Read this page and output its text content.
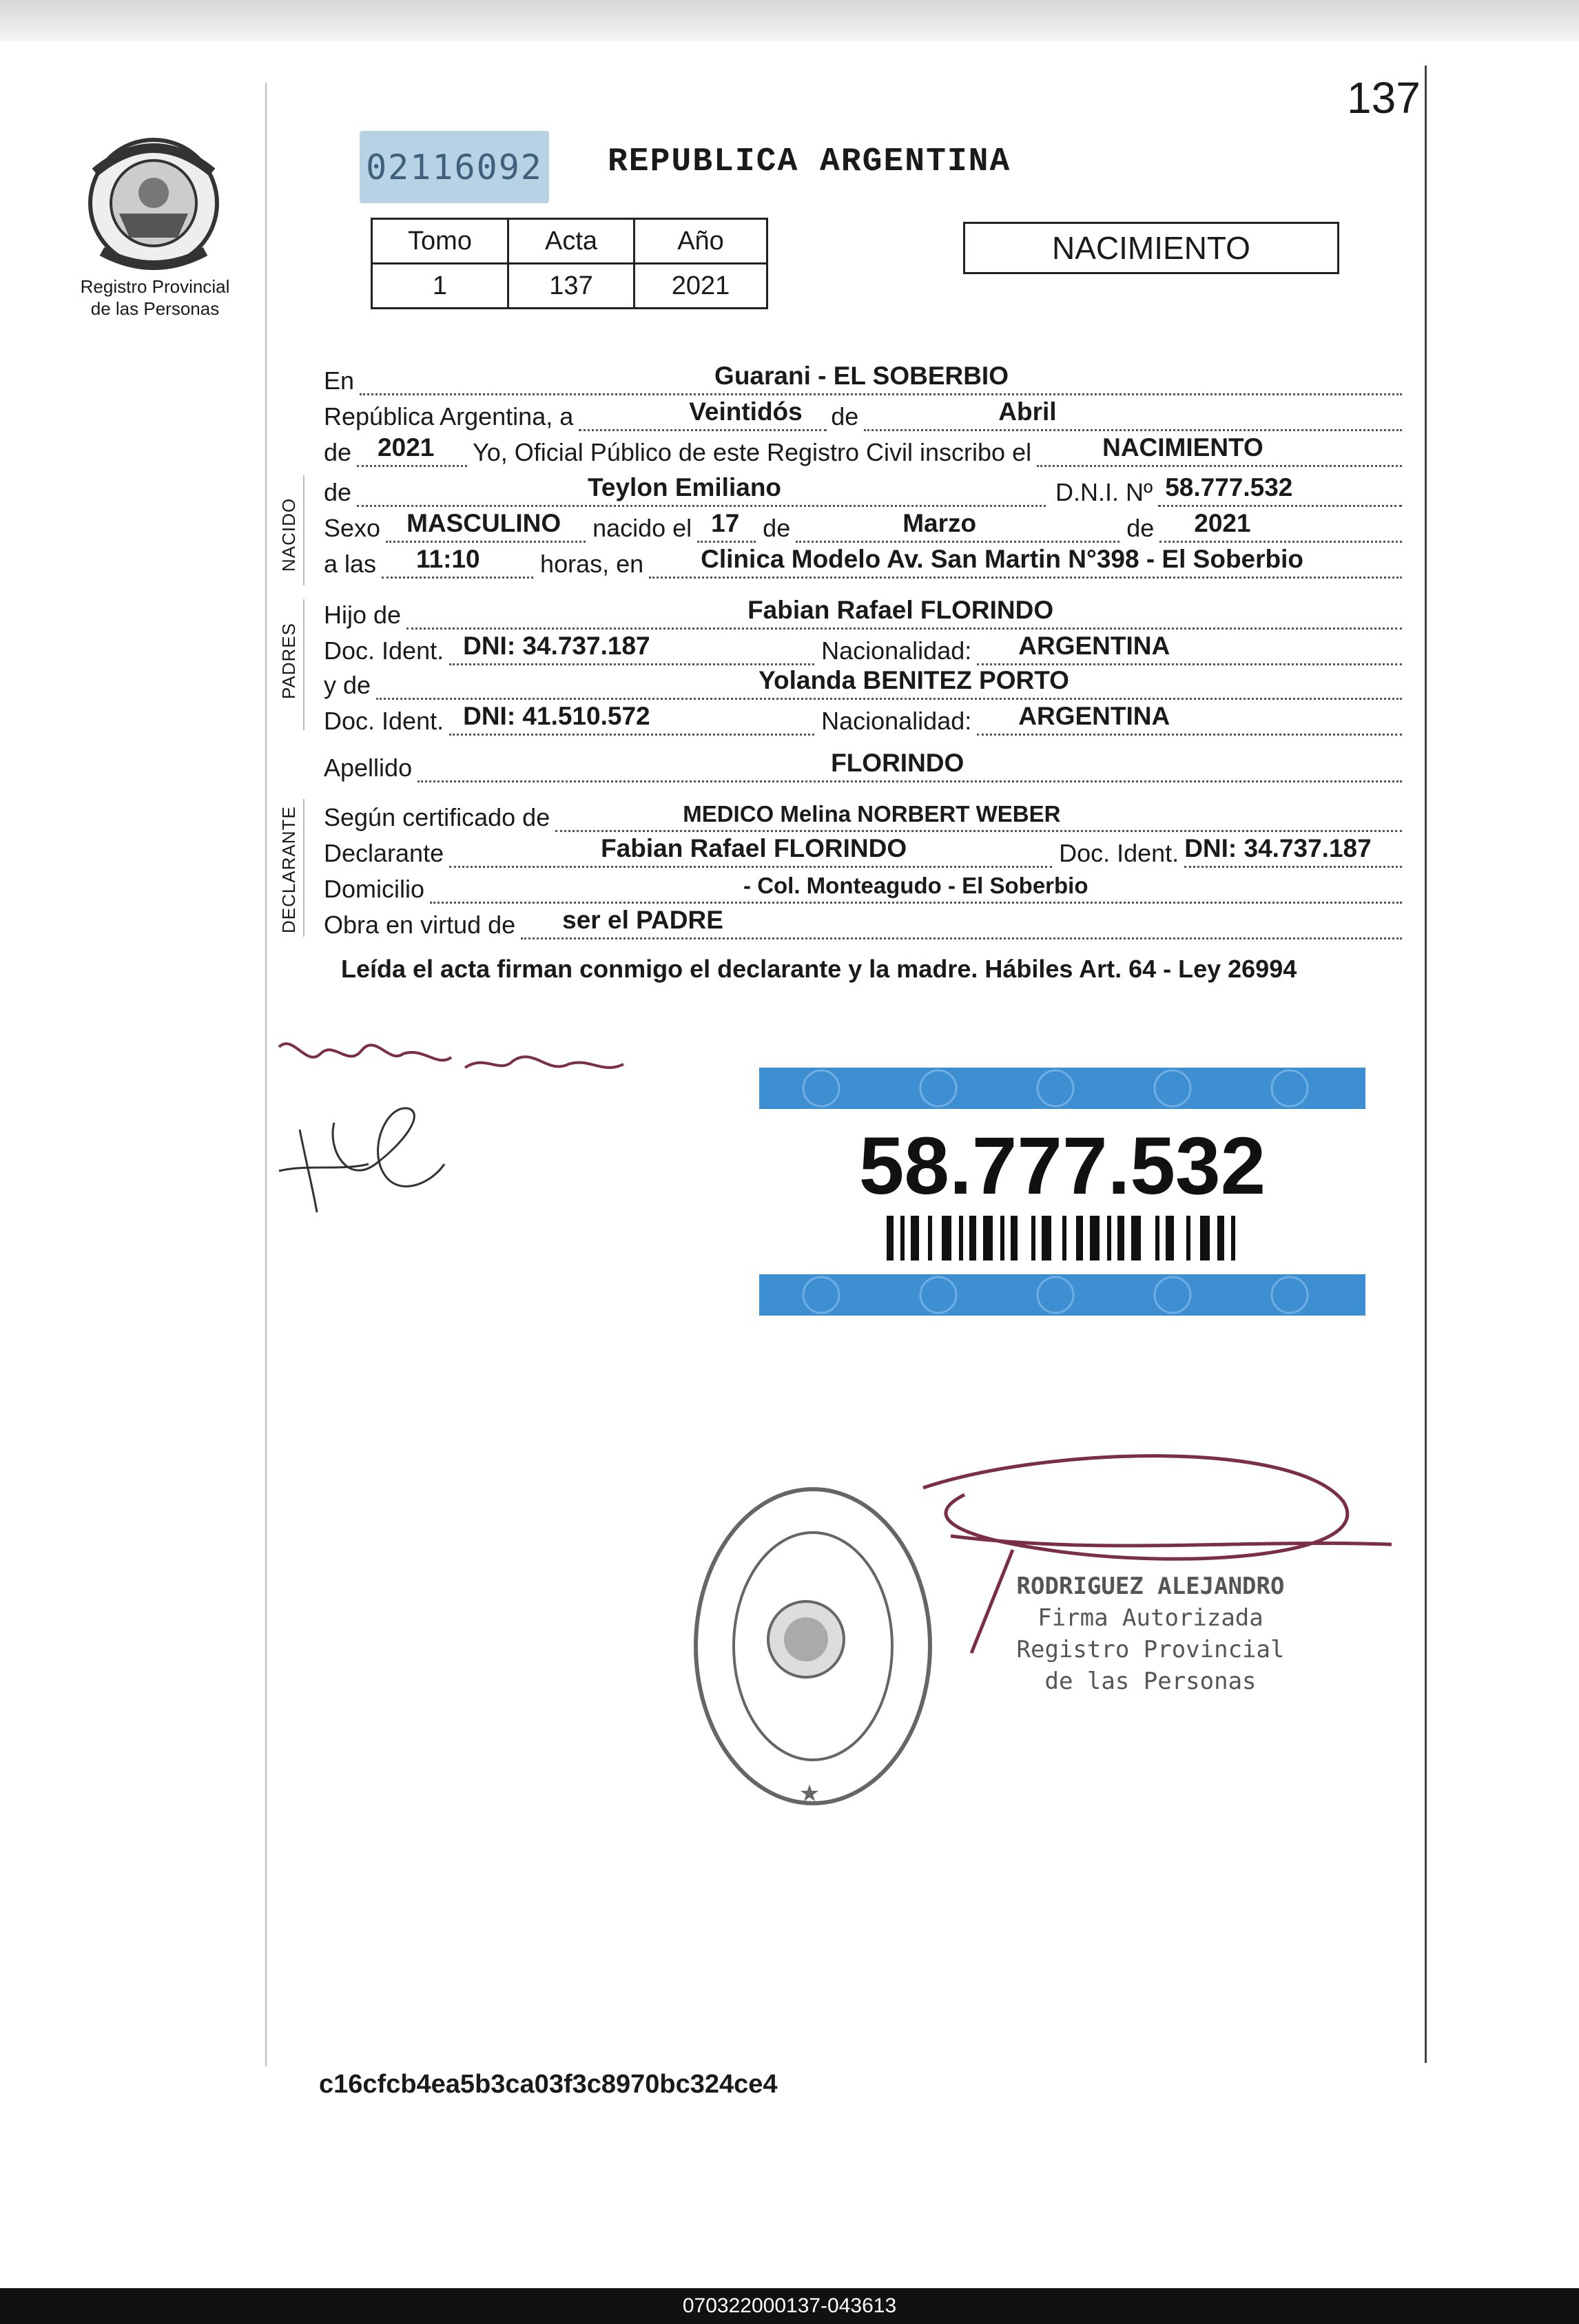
137
Registro Provincial
de las Personas
02116092 REPUBLICA ARGENTINA
Tomo	Acta	Año
1	137	2021
NACIMIENTO
En	Guarani - EL SOBERBIO
República Argentina, a	Veintidós de	Abril
de 2021 Yo, Oficial Público de este Registro Civil inscribo el	NACIMIENTO
NACIDO
de	Teylon Emiliano	D.N.I. Nº 58.777.532
Sexo MASCULINO nacido el 17 de	Marzo	de 2021
a las 11:10 horas, en Clinica Modelo Av. San Martin N°398 - El Soberbio
PADRES
Hijo de	Fabian Rafael FLORINDO
Doc. Ident. DNI: 34.737.187	Nacionalidad: ARGENTINA
y de	Yolanda BENITEZ PORTO
Doc. Ident. DNI: 41.510.572	Nacionalidad: ARGENTINA
Apellido	FLORINDO
DECLARANTE Según certificado de	MEDICO Melina NORBERT WEBER
Declarante	Fabian Rafael FLORINDO	Doc. Ident. DNI: 34.737.187
Domicilio	- Col. Monteagudo - El Soberbio
Obra en virtud de ser el PADRE
Leída el acta firman conmigo el declarante y la madre. Hábiles Art. 64 - Ley 26994
58.777.532
★
RODRIGUEZ ALEJANDRO
Firma Autorizada
Registro Provincial
de las Personas
c16cfcb4ea5b3ca03f3c8970bc324ce4
070322000137-043613
